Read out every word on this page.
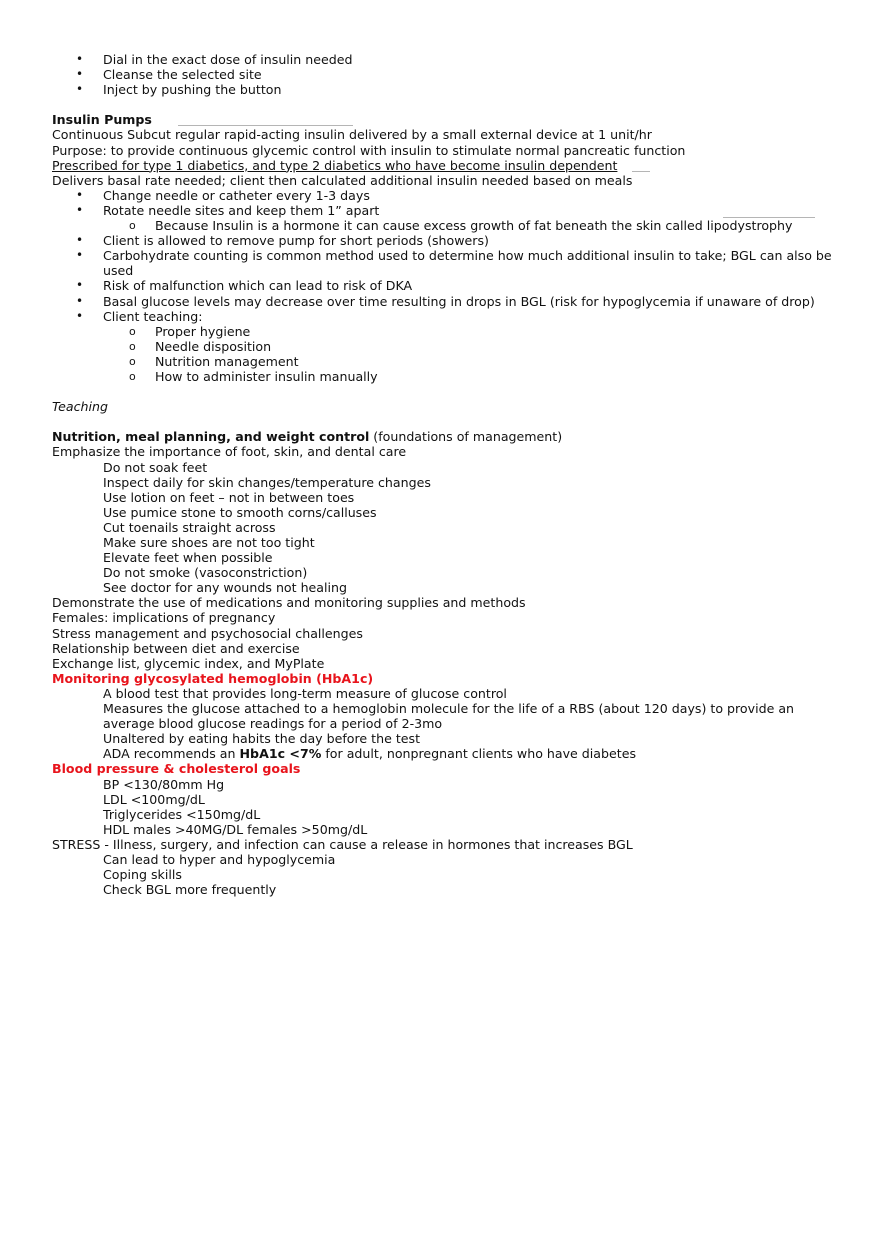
• Dial in the exact dose of insulin needed
• Cleanse the selected site
• Inject by pushing the button
Insulin Pumps
Continuous Subcut regular rapid-acting insulin delivered by a small external device at 1 unit/hr
Purpose: to provide continuous glycemic control with insulin to stimulate normal pancreatic function
Prescribed for type 1 diabetics, and type 2 diabetics who have become insulin dependent
Delivers basal rate needed; client then calculated additional insulin needed based on meals
• Change needle or catheter every 1-3 days
• Rotate needle sites and keep them 1” apart
o Because Insulin is a hormone it can cause excess growth of fat beneath the skin called lipodystrophy
• Client is allowed to remove pump for short periods (showers)
• Carbohydrate counting is common method used to determine how much additional insulin to take; BGL can also be used
• Risk of malfunction which can lead to risk of DKA
• Basal glucose levels may decrease over time resulting in drops in BGL (risk for hypoglycemia if unaware of drop)
• Client teaching:
o Proper hygiene
o Needle disposition
o Nutrition management
o How to administer insulin manually
Teaching
Nutrition, meal planning, and weight control (foundations of management)
Emphasize the importance of foot, skin, and dental care
Do not soak feet
Inspect daily for skin changes/temperature changes
Use lotion on feet – not in between toes
Use pumice stone to smooth corns/calluses
Cut toenails straight across
Make sure shoes are not too tight
Elevate feet when possible
Do not smoke (vasoconstriction)
See doctor for any wounds not healing
Demonstrate the use of medications and monitoring supplies and methods
Females: implications of pregnancy
Stress management and psychosocial challenges
Relationship between diet and exercise
Exchange list, glycemic index, and MyPlate
Monitoring glycosylated hemoglobin (HbA1c)
A blood test that provides long-term measure of glucose control
Measures the glucose attached to a hemoglobin molecule for the life of a RBS (about 120 days) to provide an average blood glucose readings for a period of 2-3mo
Unaltered by eating habits the day before the test
ADA recommends an HbA1c <7% for adult, nonpregnant clients who have diabetes
Blood pressure & cholesterol goals
BP <130/80mm Hg
LDL <100mg/dL
Triglycerides <150mg/dL
HDL males >40MG/DL females >50mg/dL
STRESS - Illness, surgery, and infection can cause a release in hormones that increases BGL
Can lead to hyper and hypoglycemia
Coping skills
Check BGL more frequently
